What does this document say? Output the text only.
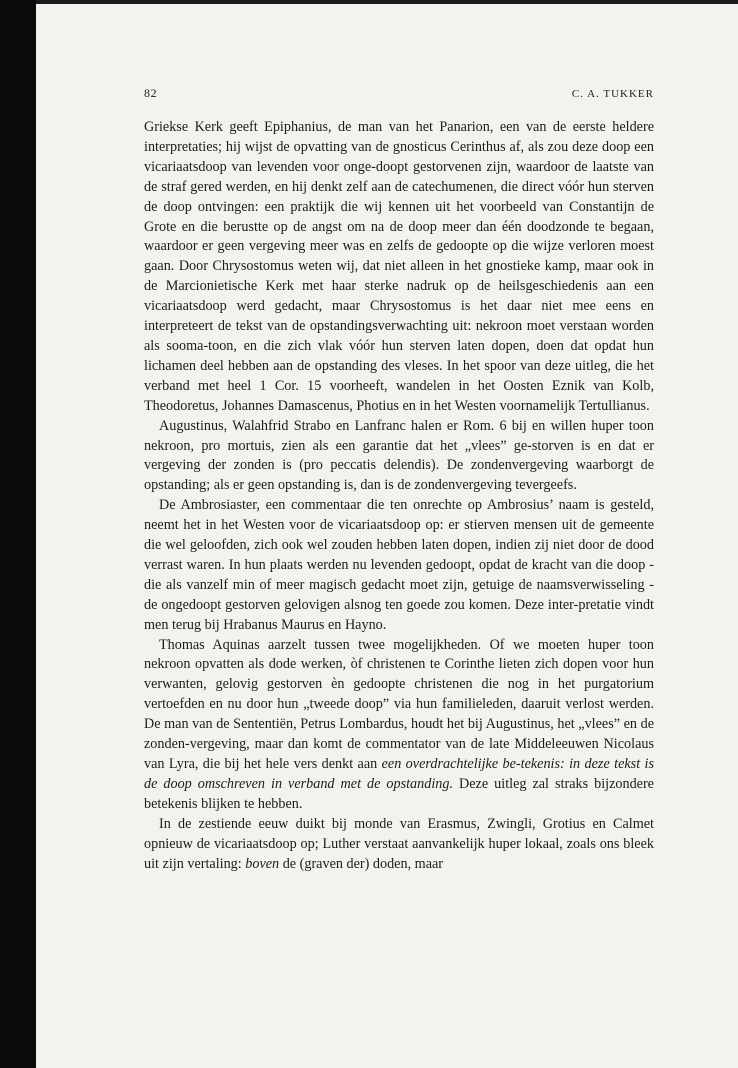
82	C. A. TUKKER

Griekse Kerk geeft Epiphanius, de man van het Panarion, een van de eerste heldere interpretaties; hij wijst de opvatting van de gnosticus Cerinthus af, als zou deze doop een vicariaatsdoop van levenden voor onge-doopt gestorvenen zijn, waardoor de laatste van de straf gered werden, en hij denkt zelf aan de catechumenen, die direct vóór hun sterven de doop ontvingen: een praktijk die wij kennen uit het voorbeeld van Constantijn de Grote en die berustte op de angst om na de doop meer dan één doodzonde te begaan, waardoor er geen vergeving meer was en zelfs de gedoopte op die wijze verloren moest gaan. Door Chrysostomus weten wij, dat niet alleen in het gnostieke kamp, maar ook in de Marcionietische Kerk met haar sterke nadruk op de heilsgeschiedenis aan een vicariaatsdoop werd gedacht, maar Chrysostomus is het daar niet mee eens en interpreteert de tekst van de opstandingsverwachting uit: nekroon moet verstaan worden als sooma-toon, en die zich vlak vóór hun sterven laten dopen, doen dat opdat hun lichamen deel hebben aan de opstanding des vleses. In het spoor van deze uitleg, die het verband met heel 1 Cor. 15 voorheeft, wandelen in het Oosten Eznik van Kolb, Theodoretus, Johannes Damascenus, Photius en in het Westen voornamelijk Tertullianus.

Augustinus, Walahfrid Strabo en Lanfranc halen er Rom. 6 bij en willen huper toon nekroon, pro mortuis, zien als een garantie dat het „vlees” ge-storven is en dat er vergeving der zonden is (pro peccatis delendis). De zondenvergeving waarborgt de opstanding; als er geen opstanding is, dan is de zondenvergeving tevergeefs.

De Ambrosiaster, een commentaar die ten onrechte op Ambrosius’ naam is gesteld, neemt het in het Westen voor de vicariaatsdoop op: er stierven mensen uit de gemeente die wel geloofden, zich ook wel zouden hebben laten dopen, indien zij niet door de dood verrast waren. In hun plaats werden nu levenden gedoopt, opdat de kracht van die doop - die als vanzelf min of meer magisch gedacht moet zijn, getuige de naamsverwisseling - de ongedoopt gestorven gelovigen alsnog ten goede zou komen. Deze inter-pretatie vindt men terug bij Hrabanus Maurus en Hayno.

Thomas Aquinas aarzelt tussen twee mogelijkheden. Of we moeten huper toon nekroon opvatten als dode werken, òf christenen te Corinthe lieten zich dopen voor hun verwanten, gelovig gestorven èn gedoopte christenen die nog in het purgatorium vertoefden en nu door hun „tweede doop” via hun familieleden, daaruit verlost werden. De man van de Sententiën, Petrus Lombardus, houdt het bij Augustinus, het „vlees” en de zonden-vergeving, maar dan komt de commentator van de late Middeleeuwen Nicolaus van Lyra, die bij het hele vers denkt aan een overdrachtelijke be-tekenis: in deze tekst is de doop omschreven in verband met de opstanding. Deze uitleg zal straks bijzondere betekenis blijken te hebben.

In de zestiende eeuw duikt bij monde van Erasmus, Zwingli, Grotius en Calmet opnieuw de vicariaatsdoop op; Luther verstaat aanvankelijk huper lokaal, zoals ons bleek uit zijn vertaling: boven de (graven der) doden, maar
